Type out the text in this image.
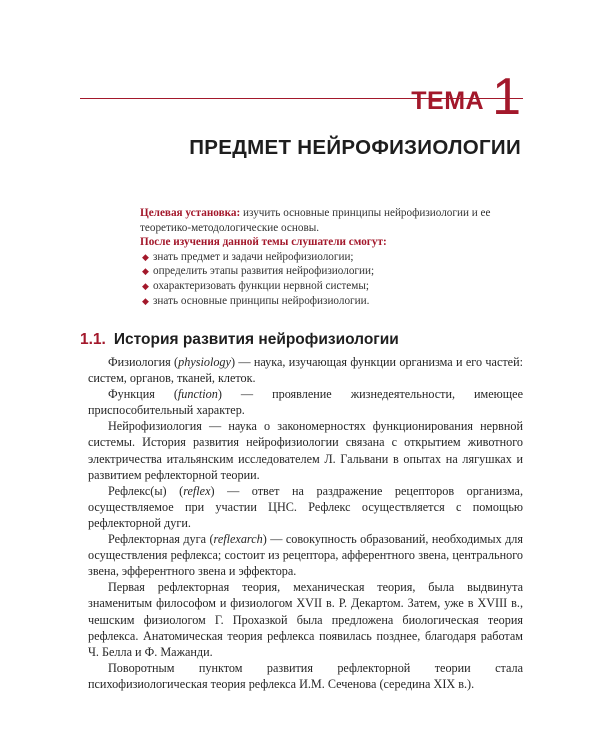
ТЕМА 1
ПРЕДМЕТ НЕЙРОФИЗИОЛОГИИ

Целевая установка: изучить основные принципы нейрофизиологии и ее теоретико-методологические основы.

После изучения данной темы слушатели смогут:

◆ знать предмет и задачи нейрофизиологии;
◆ определить этапы развития нейрофизиологии;
◆ охарактеризовать функции нервной системы;
◆ знать основные принципы нейрофизиологии.
1.1. История развития нейрофизиологии

Физиология (physiology) — наука, изучающая функции организма и его частей: систем, органов, тканей, клеток.

Функция (function) — проявление жизнедеятельности, имеющее приспособительный характер.

Нейрофизиология — наука о закономерностях функционирования нервной системы. История развития нейрофизиологии связана с открытием животного электричества итальянским исследователем Л. Гальвани в опытах на лягушках и развитием рефлекторной теории.

Рефлекс(ы) (reflex) — ответ на раздражение рецепторов организма, осуществляемое при участии ЦНС. Рефлекс осуществляется с помощью рефлекторной дуги.

Рефлекторная дуга (reflexarch) — совокупность образований, необходимых для осуществления рефлекса; состоит из рецептора, афферентного звена, центрального звена, эфферентного звена и эффектора.

Первая рефлекторная теория, механическая теория, была выдвинута знаменитым философом и физиологом XVII в. Р. Декартом. Затем, уже в XVIII в., чешским физиологом Г. Прохазкой была предложена биологическая теория рефлекса. Анатомическая теория рефлекса появилась позднее, благодаря работам Ч. Белла и Ф. Мажанди.

Поворотным пунктом развития рефлекторной теории стала психофизиологическая теория рефлекса И.М. Сеченова (середина XIX в.).
